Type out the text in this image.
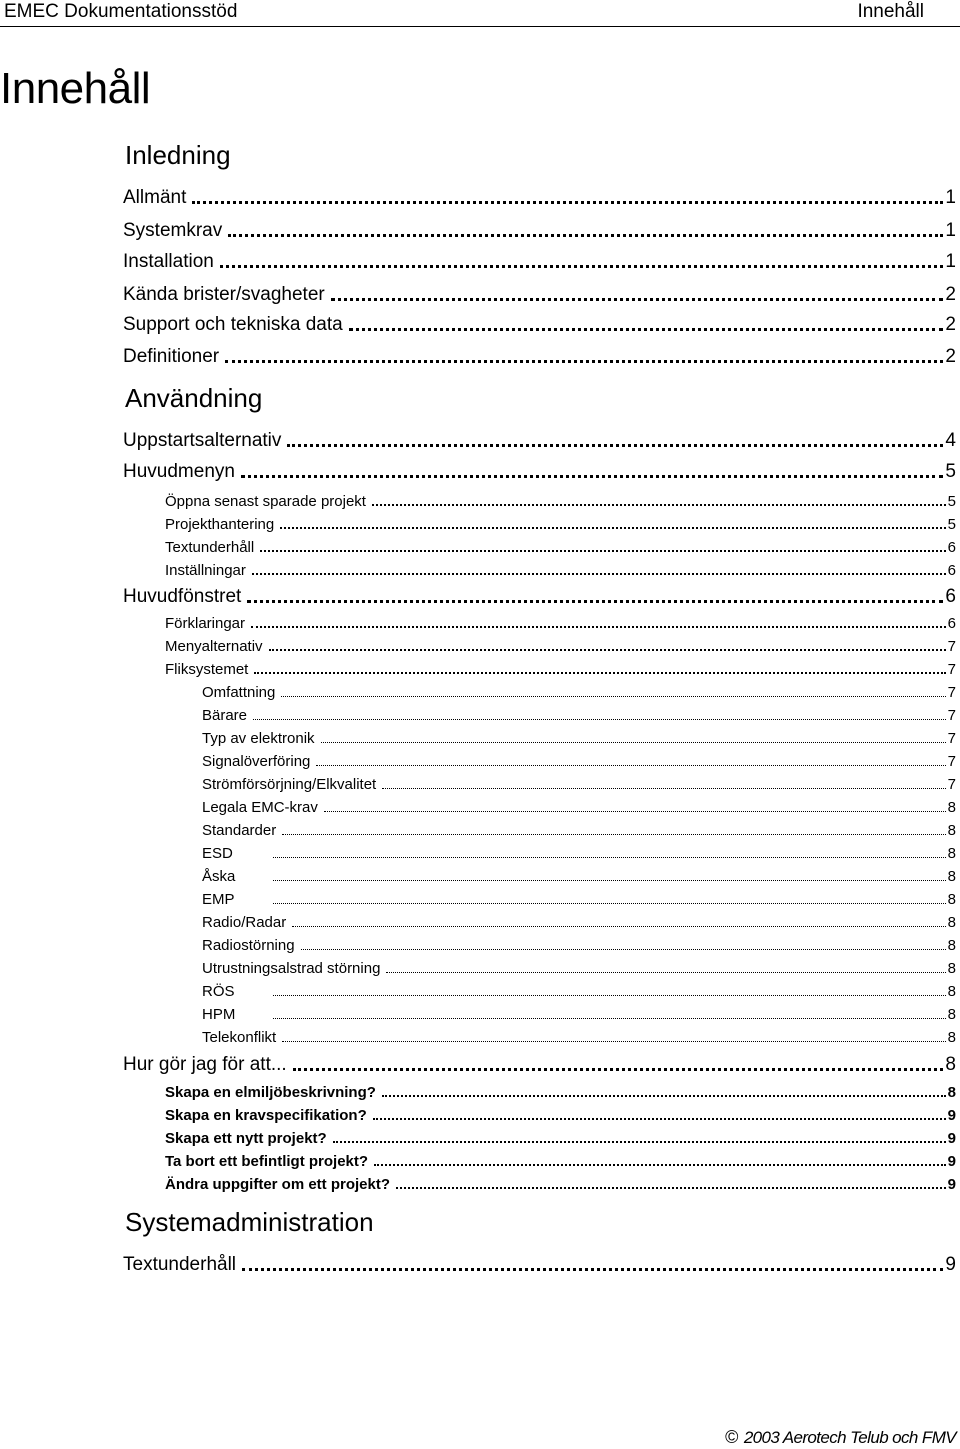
EMEC Dokumentationsstöd	Innehåll
Innehåll
Inledning
Allmänt	1
Systemkrav	1
Installation	1
Kända brister/svagheter	2
Support och tekniska data	2
Definitioner	2
Användning
Uppstartsalternativ	4
Huvudmenyn	5
Öppna senast sparade projekt	5
Projekthantering	5
Textunderhåll	6
Inställningar	6
Huvudfönstret	6
Förklaringar	6
Menyalternativ	7
Fliksystemet	7
Omfattning	7
Bärare	7
Typ av elektronik	7
Signalöverföring	7
Strömförsörjning/Elkvalitet	7
Legala EMC-krav	8
Standarder	8
ESD	8
Åska	8
EMP	8
Radio/Radar	8
Radiostörning	8
Utrustningsalstrad störning	8
RÖS	8
HPM	8
Telekonflikt	8
Hur gör jag för att...	8
Skapa en elmiljöbeskrivning?	8
Skapa en kravspecifikation?	9
Skapa ett nytt projekt?	9
Ta bort ett befintligt projekt?	9
Ändra uppgifter om ett projekt?	9
Systemadministration
Textunderhåll	9
© 2003 Aerotech Telub och FMV
